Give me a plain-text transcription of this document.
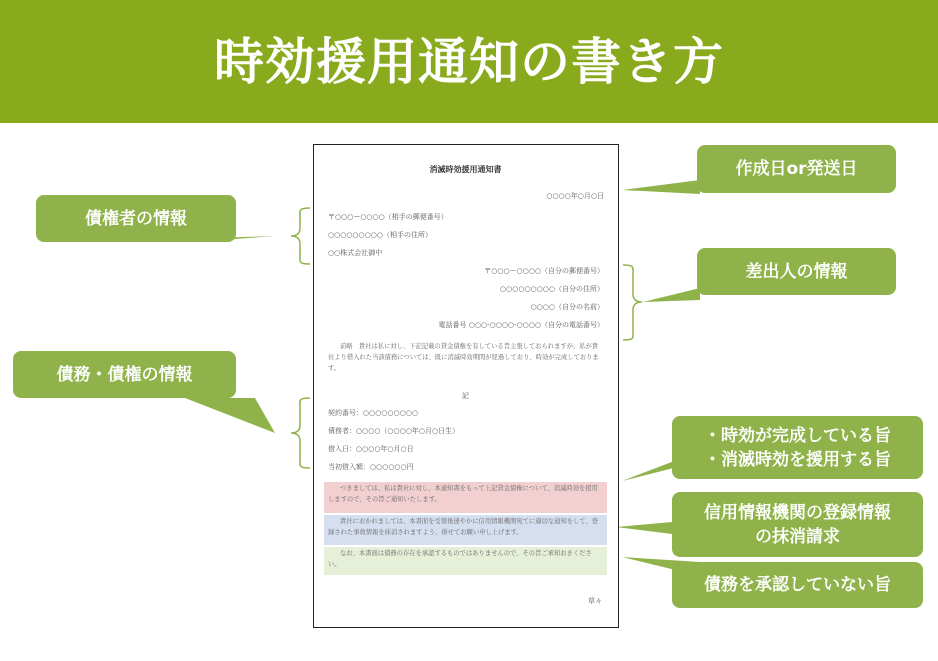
時効援用通知の書き方
消滅時効援用通知書
○○○○年○月○日
〒○○○ー○○○○（相手の郵便番号）
○○○○○○○○○（相手の住所）
○○株式会社御中
〒○○○ー○○○○（自分の郵便番号）
○○○○○○○○○（自分の住所）
○○○○（自分の名前）
電話番号 ○○○-○○○○-○○○○（自分の電話番号）
前略　貴社は私に対し、下記記載の貸金債権を有している旨主張しておられますが、私が貴社より借入れた当該債務については、既に消滅時効期間が経過しており、時効が完成しております。
記
契約番号：○○○○○○○○○
債務者：○○○○（○○○○年○月○日生）
借入日：○○○○年○月○日
当初借入額：○○○○○○円
つきましては、私は貴社に対し、本通知書をもって上記貸金債権について、消滅時効を援用しますので、その旨ご通知いたします。
貴社におかれましては、本書面を受領後速やかに信用情報機関宛てに適切な通知をして、登録された事故情報を抹消されますよう、併せてお願い申し上げます。
なお、本書面は債務の存在を承認するものではありませんので、その旨ご承知おきください。
草々
作成日or発送日
債権者の情報
差出人の情報
債務・債権の情報
・時効が完成している旨
・消滅時効を援用する旨
信用情報機関の登録情報
の抹消請求
債務を承認していない旨
